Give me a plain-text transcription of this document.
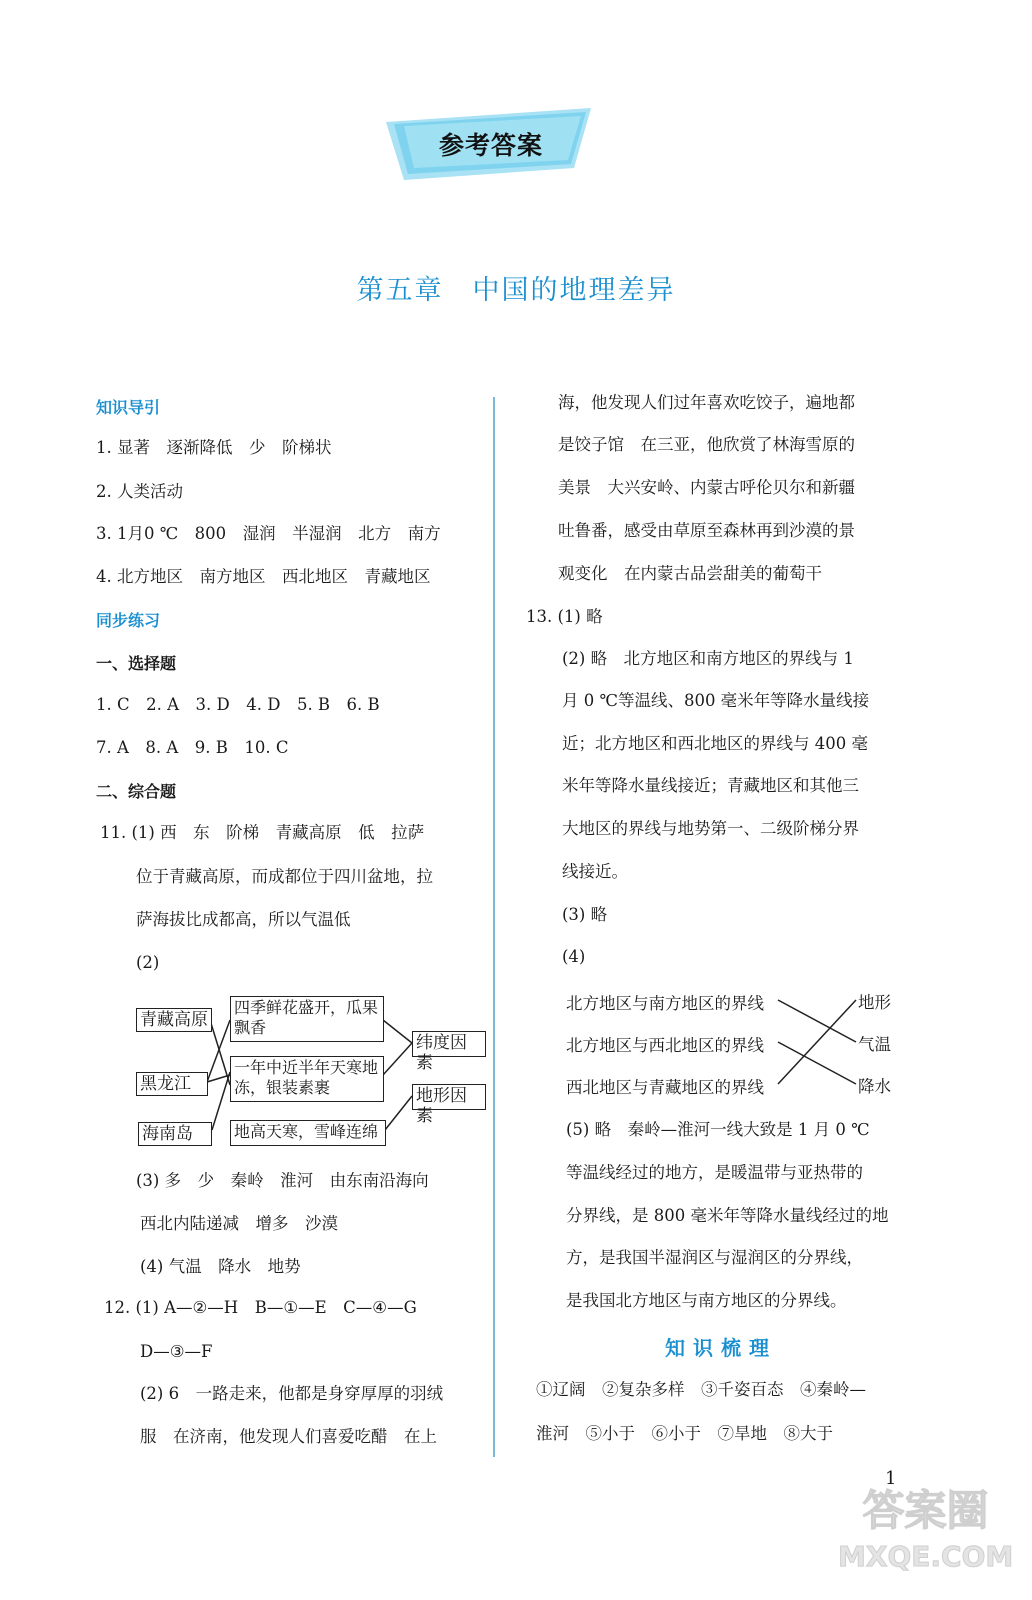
参考答案
第五章　中国的地理差异
知识导引
1. 显著　逐渐降低　少　阶梯状
2. 人类活动
3. 1月0 ℃　800　湿润　半湿润　北方　南方
4. 北方地区　南方地区　西北地区　青藏地区
同步练习
一、选择题
1. C　2. A　3. D　4. D　5. B　6. B
7. A　8. A　9. B　10. C
二、综合题
11. (1) 西　东　阶梯　青藏高原　低　拉萨
位于青藏高原，而成都位于四川盆地，拉
萨海拔比成都高，所以气温低
(2)
青藏高原
黑龙江
海南岛
四季鲜花盛开，瓜果飘香
一年中近半年天寒地冻，银装素裹
地高天寒，雪峰连绵
纬度因素
地形因素
(3) 多　少　秦岭　淮河　由东南沿海向
西北内陆递减　增多　沙漠
(4) 气温　降水　地势
12. (1) A—②—H　B—①—E　C—④—G
D—③—F
(2) 6　一路走来，他都是身穿厚厚的羽绒
服　在济南，他发现人们喜爱吃醋　在上
海，他发现人们过年喜欢吃饺子，遍地都
是饺子馆　在三亚，他欣赏了林海雪原的
美景　大兴安岭、内蒙古呼伦贝尔和新疆
吐鲁番，感受由草原至森林再到沙漠的景
观变化　在内蒙古品尝甜美的葡萄干
13. (1) 略
(2) 略　北方地区和南方地区的界线与 1
月 0 ℃等温线、800 毫米年等降水量线接
近；北方地区和西北地区的界线与 400 毫
米年等降水量线接近；青藏地区和其他三
大地区的界线与地势第一、二级阶梯分界
线接近。
(3) 略
(4)
北方地区与南方地区的界线
北方地区与西北地区的界线
西北地区与青藏地区的界线
地形
气温
降水
(5) 略　秦岭—淮河一线大致是 1 月 0 ℃
等温线经过的地方，是暖温带与亚热带的
分界线，是 800 毫米年等降水量线经过的地
方，是我国半湿润区与湿润区的分界线，
是我国北方地区与南方地区的分界线。
知识梳理
①辽阔　②复杂多样　③千姿百态　④秦岭—
淮河　⑤小于　⑥小于　⑦旱地　⑧大于
1
答案圈
MXQE.COM
